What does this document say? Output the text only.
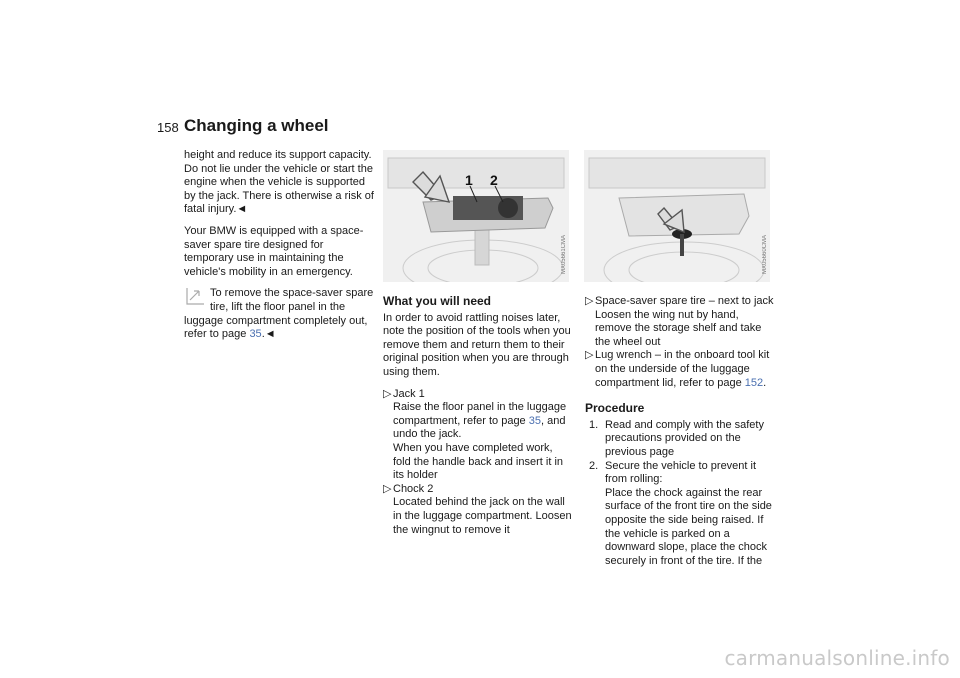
158 Changing a wheel

height and reduce its support capacity. Do not lie under the vehicle or start the engine when the vehicle is supported by the jack. There is otherwise a risk of fatal injury.◄

Your BMW is equipped with a space-saver spare tire designed for temporary use in maintaining the vehicle's mobility in an emergency.

To remove the space-saver spare tire, lift the floor panel in the luggage compartment completely out, refer to page 35.◄

1 2
MX05661CMA	MX05660CMA
What you will need

In order to avoid rattling noises later, note the position of the tools when you remove them and return them to their original position when you are through using them.

▷ Jack 1
Raise the floor panel in the luggage compartment, refer to page 35, and undo the jack.
When you have completed work, fold the handle back and insert it in its holder
▷ Chock 2
Located behind the jack on the wall in the luggage compartment. Loosen the wingnut to remove it
▷ Space-saver spare tire – next to jack
Loosen the wing nut by hand, remove the storage shelf and take the wheel out
▷ Lug wrench – in the onboard tool kit
on the underside of the luggage compartment lid, refer to page 152.
Procedure
1. Read and comply with the safety precautions provided on the previous page
2. Secure the vehicle to prevent it from rolling:
Place the chock against the rear surface of the front tire on the side opposite the side being raised. If the vehicle is parked on a downward slope, place the chock securely in front of the tire. If the
carmanualsonline.info
